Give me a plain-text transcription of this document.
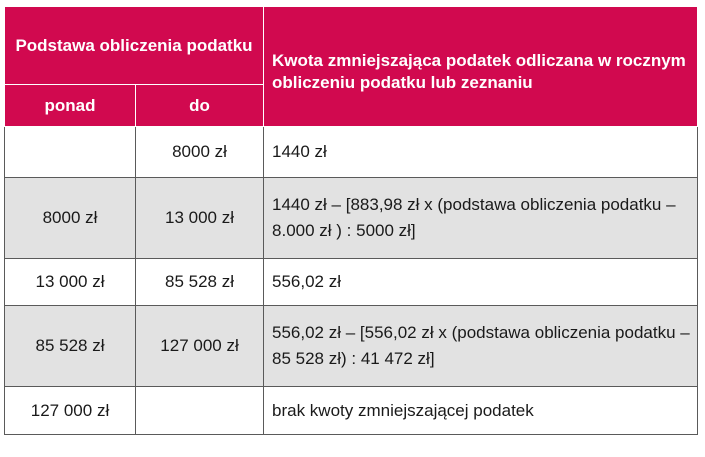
Podstawa obliczenia podatku		Kwota zmniejszająca podatek odliczana w rocznym obliczeniu podatku lub zeznaniu
ponad	do	
	8000 zł	1440 zł
8000 zł	13 000 zł	1440 zł – [883,98 zł x (podstawa obliczenia podatku – 8.000 zł ) : 5000 zł]
13 000 zł	85 528 zł	556,02 zł
85 528 zł	127 000 zł	556,02 zł – [556,02 zł x (podstawa obliczenia podatku – 85 528 zł) : 41 472 zł]
127 000 zł		brak kwoty zmniejszającej podatek
